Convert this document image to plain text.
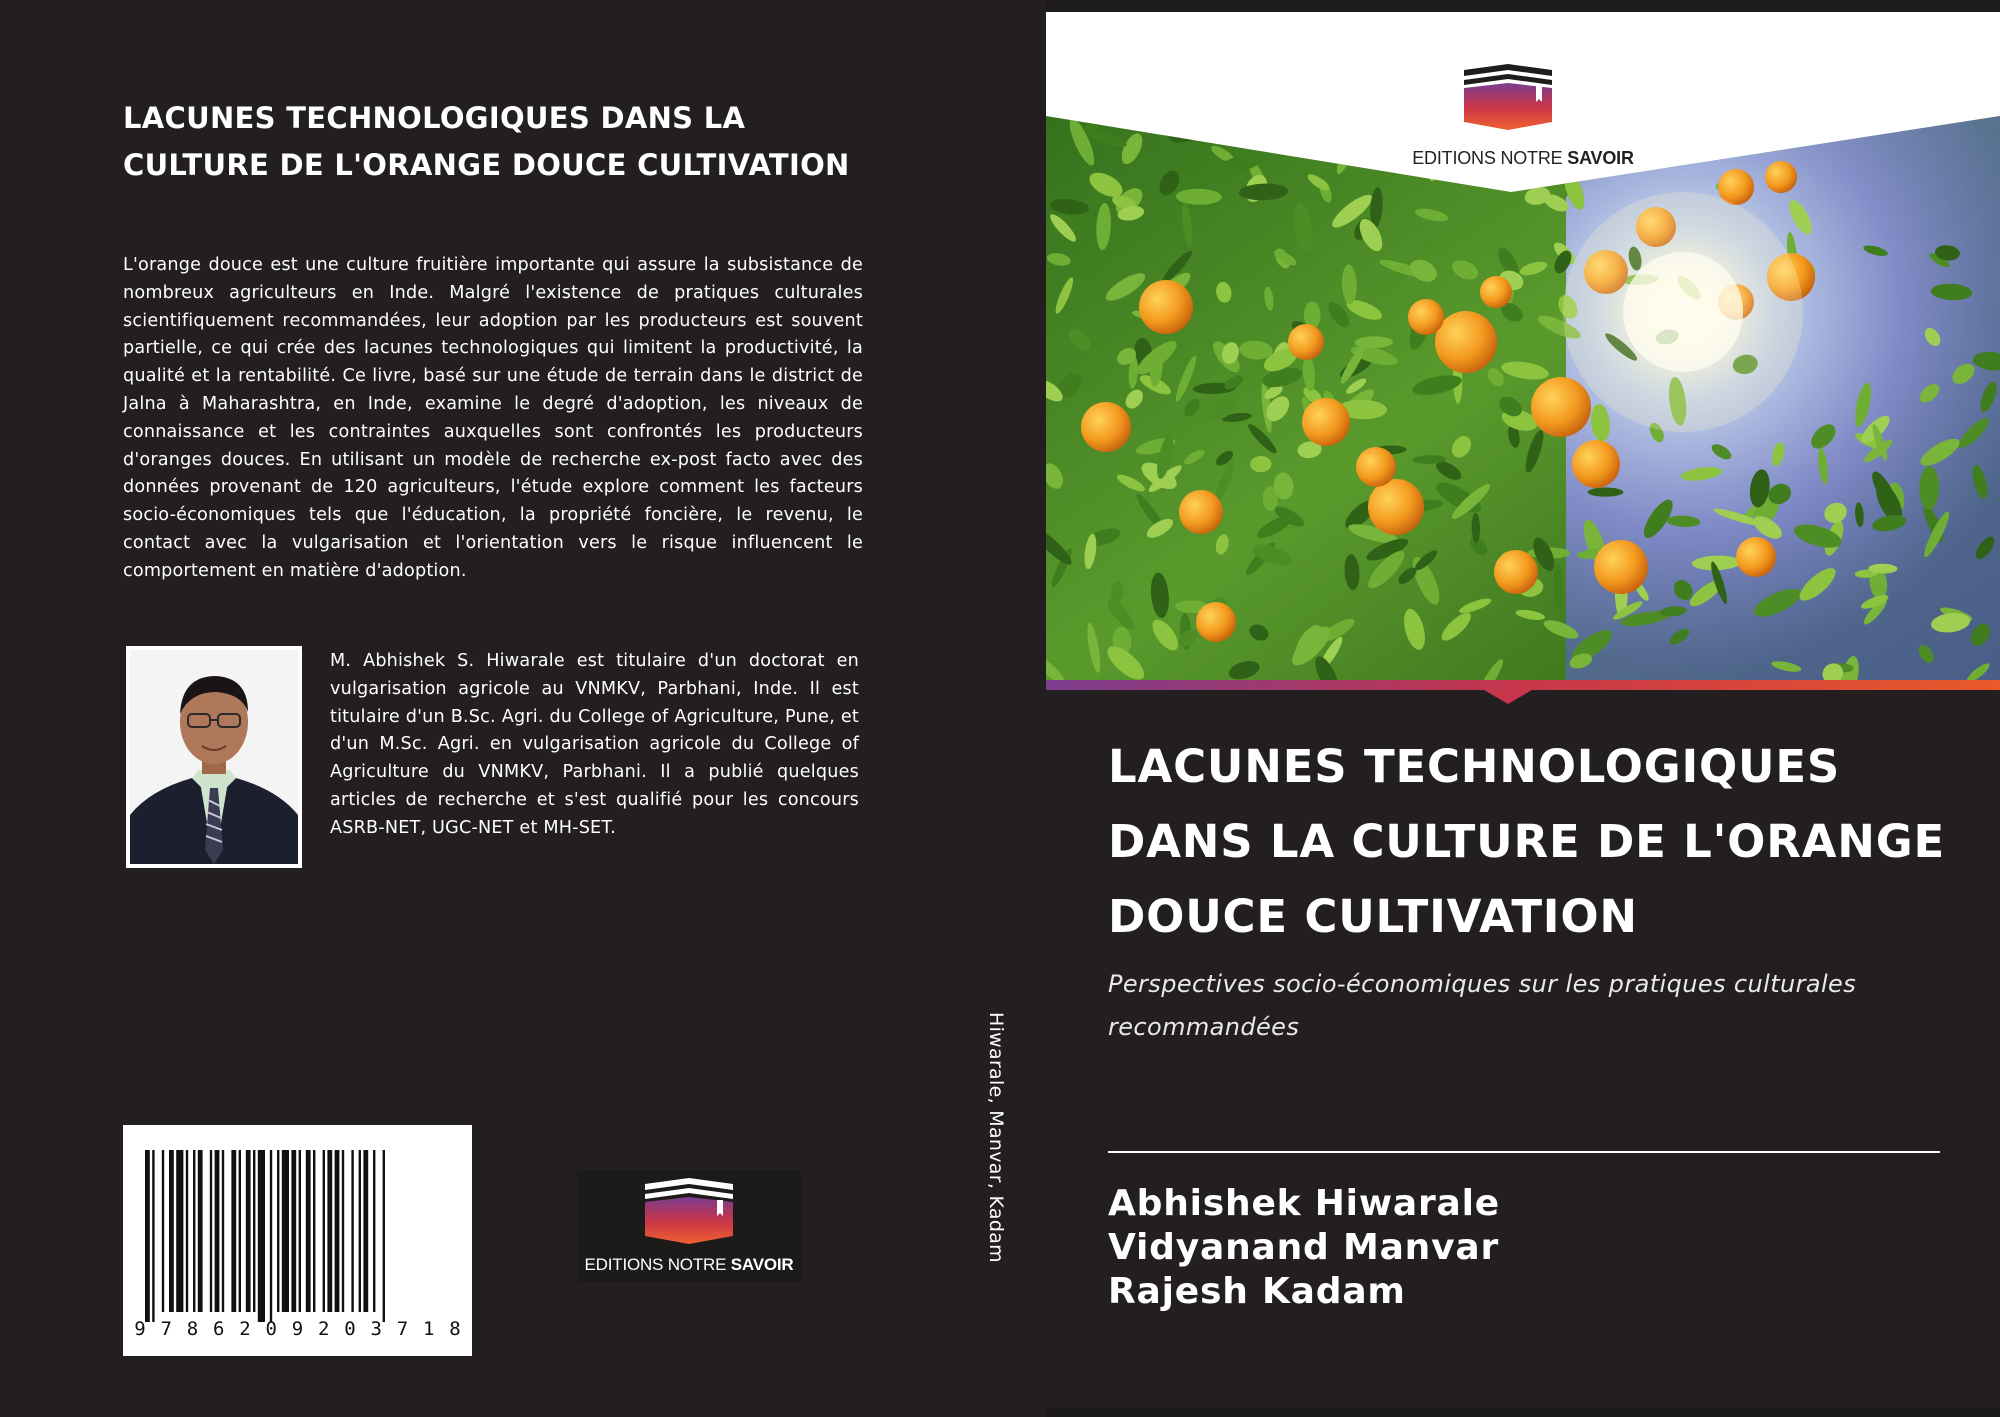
LACUNES TECHNOLOGIQUES DANS LA CULTURE DE L'ORANGE DOUCE CULTIVATION
L'orange douce est une culture fruitière importante qui assure la subsistance de nombreux agriculteurs en Inde. Malgré l'existence de pratiques culturales scientifiquement recommandées, leur adoption par les producteurs est souvent partielle, ce qui crée des lacunes technologiques qui limitent la productivité, la qualité et la rentabilité. Ce livre, basé sur une étude de terrain dans le district de Jalna à Maharashtra, en Inde, examine le degré d'adoption, les niveaux de connaissance et les contraintes auxquelles sont confrontés les producteurs d'oranges douces. En utilisant un modèle de recherche ex-post facto avec des données provenant de 120 agriculteurs, l'étude explore comment les facteurs socio-économiques tels que l'éducation, la propriété foncière, le revenu, le contact avec la vulgarisation et l'orientation vers le risque influencent le comportement en matière d'adoption.
M. Abhishek S. Hiwarale est titulaire d'un doctorat en vulgarisation agricole au VNMKV, Parbhani, Inde. Il est titulaire d'un B.Sc. Agri. du College of Agriculture, Pune, et d'un M.Sc. Agri. en vulgarisation agricole du College of Agriculture du VNMKV, Parbhani. Il a publié quelques articles de recherche et s'est qualifié pour les concours ASRB-NET, UGC-NET et MH-SET.
9 7 8 6 2 0 9 2 0 3 7 1 8
EDITIONS NOTRE SAVOIR
Hiwarale, Manvar, Kadam
EDITIONS NOTRE SAVOIR
LACUNES TECHNOLOGIQUES DANS LA CULTURE DE L'ORANGE DOUCE CULTIVATION
Perspectives socio-économiques sur les pratiques culturales recommandées
Abhishek Hiwarale
Vidyanand Manvar
Rajesh Kadam
